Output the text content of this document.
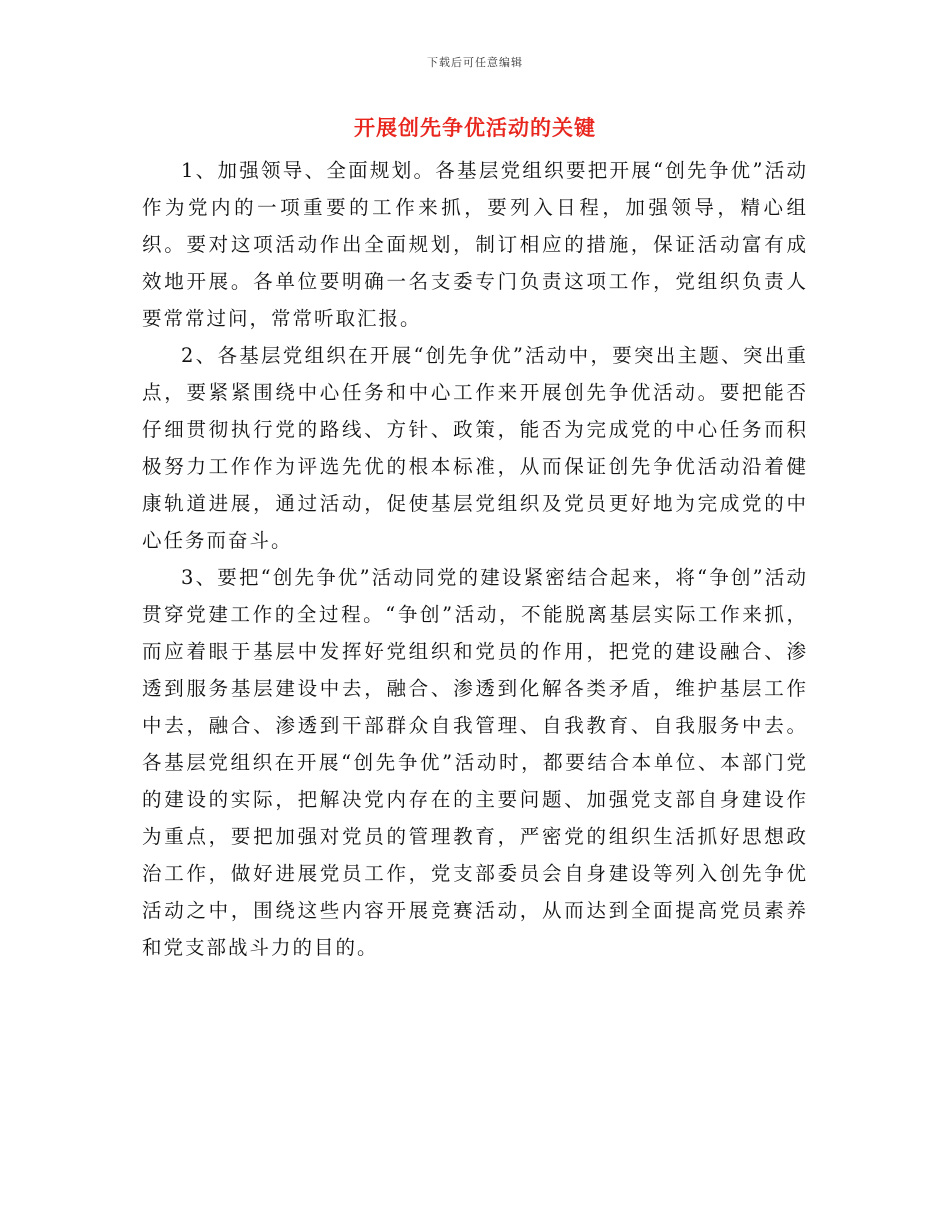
下载后可任意编辑
开展创先争优活动的关键

1、加强领导、全面规划。各基层党组织要把开展“创先争优”活动作为党内的一项重要的工作来抓，要列入日程，加强领导，精心组织。要对这项活动作出全面规划，制订相应的措施，保证活动富有成效地开展。各单位要明确一名支委专门负责这项工作，党组织负责人要常常过问，常常听取汇报。

2、各基层党组织在开展“创先争优”活动中，要突出主题、突出重点，要紧紧围绕中心任务和中心工作来开展创先争优活动。要把能否仔细贯彻执行党的路线、方针、政策，能否为完成党的中心任务而积极努力工作作为评选先优的根本标准，从而保证创先争优活动沿着健康轨道进展，通过活动，促使基层党组织及党员更好地为完成党的中心任务而奋斗。

3、要把“创先争优”活动同党的建设紧密结合起来，将“争创”活动贯穿党建工作的全过程。“争创”活动，不能脱离基层实际工作来抓，而应着眼于基层中发挥好党组织和党员的作用，把党的建设融合、渗透到服务基层建设中去，融合、渗透到化解各类矛盾，维护基层工作中去，融合、渗透到干部群众自我管理、自我教育、自我服务中去。各基层党组织在开展“创先争优”活动时，都要结合本单位、本部门党的建设的实际，把解决党内存在的主要问题、加强党支部自身建设作为重点，要把加强对党员的管理教育，严密党的组织生活抓好思想政治工作，做好进展党员工作，党支部委员会自身建设等列入创先争优活动之中，围绕这些内容开展竞赛活动，从而达到全面提高党员素养和党支部战斗力的目的。
